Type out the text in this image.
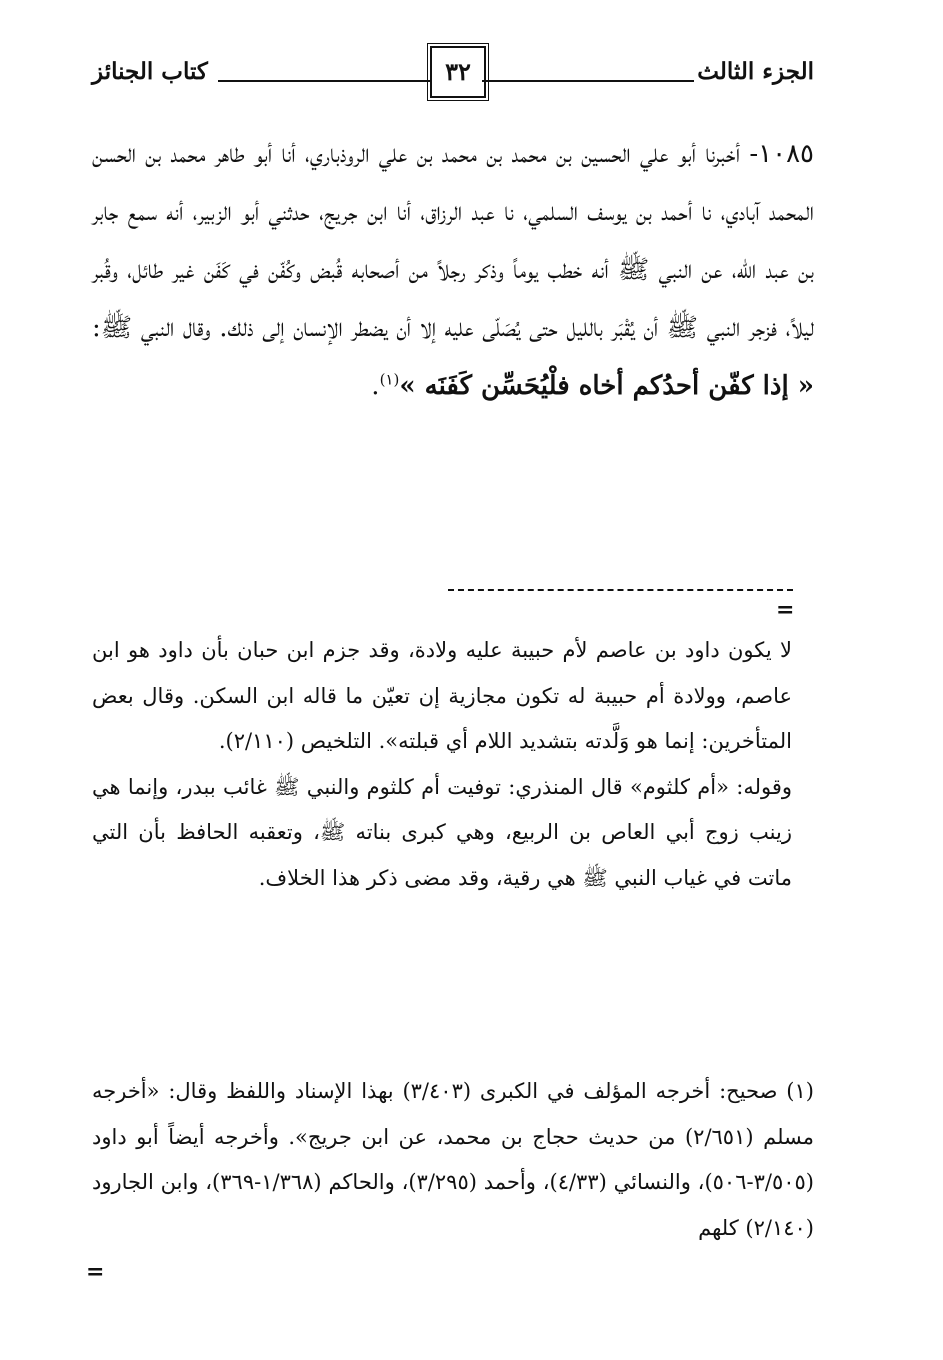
الجزء الثالث
٣٢
كتاب الجنائز

١٠٨٥- أخبرنا أبو علي الحسين بن محمد بن محمد بن علي الروذباري، أنا أبو طاهر محمد بن الحسن المحمد آبادي، نا أحمد بن يوسف السلمي، نا عبد الرزاق، أنا ابن جريج، حدثني أبو الزبير، أنه سمع جابر بن عبد الله، عن النبي ﷺ أنه خطب يوماً وذكر رجلاً من أصحابه قُبض وكُفّن في كَفَن غير طائل، وقُبر ليلاً، فزجر النبي ﷺ أن يُقْبَر بالليل حتى يُصَلّى عليه إلا أن يضطر الإنسان إلى ذلك. وقال النبي ﷺ: « إذا كفّن أحدُكم أخاه فلْيُحَسِّن كَفَنَه »$^{(١)}$.

=

لا يكون داود بن عاصم لأم حبيبة عليه ولادة، وقد جزم ابن حبان بأن داود هو ابن عاصم، وولادة أم حبيبة له تكون مجازية إن تعيّن ما قاله ابن السكن. وقال بعض المتأخرين: إنما هو وَلَّدته بتشديد اللام أي قبلته». التلخيص (٢/١١٠).

وقوله: «أم كلثوم» قال المنذري: توفيت أم كلثوم والنبي ﷺ غائب ببدر، وإنما هي زينب زوج أبي العاص بن الربيع، وهي كبرى بناته ﷺ، وتعقبه الحافظ بأن التي ماتت في غياب النبي ﷺ هي رقية، وقد مضى ذكر هذا الخلاف.

(١) صحيح: أخرجه المؤلف في الكبرى (٣/٤٠٣) بهذا الإسناد واللفظ وقال: «أخرجه مسلم (٢/٦٥١) من حديث حجاج بن محمد، عن ابن جريج». وأخرجه أيضاً أبو داود (٣/٥٠٥-٥٠٦)، والنسائي (٤/٣٣)، وأحمد (٣/٢٩٥)، والحاكم (١/٣٦٨-٣٦٩)، وابن الجارود (٢/١٤٠) كلهم

=
